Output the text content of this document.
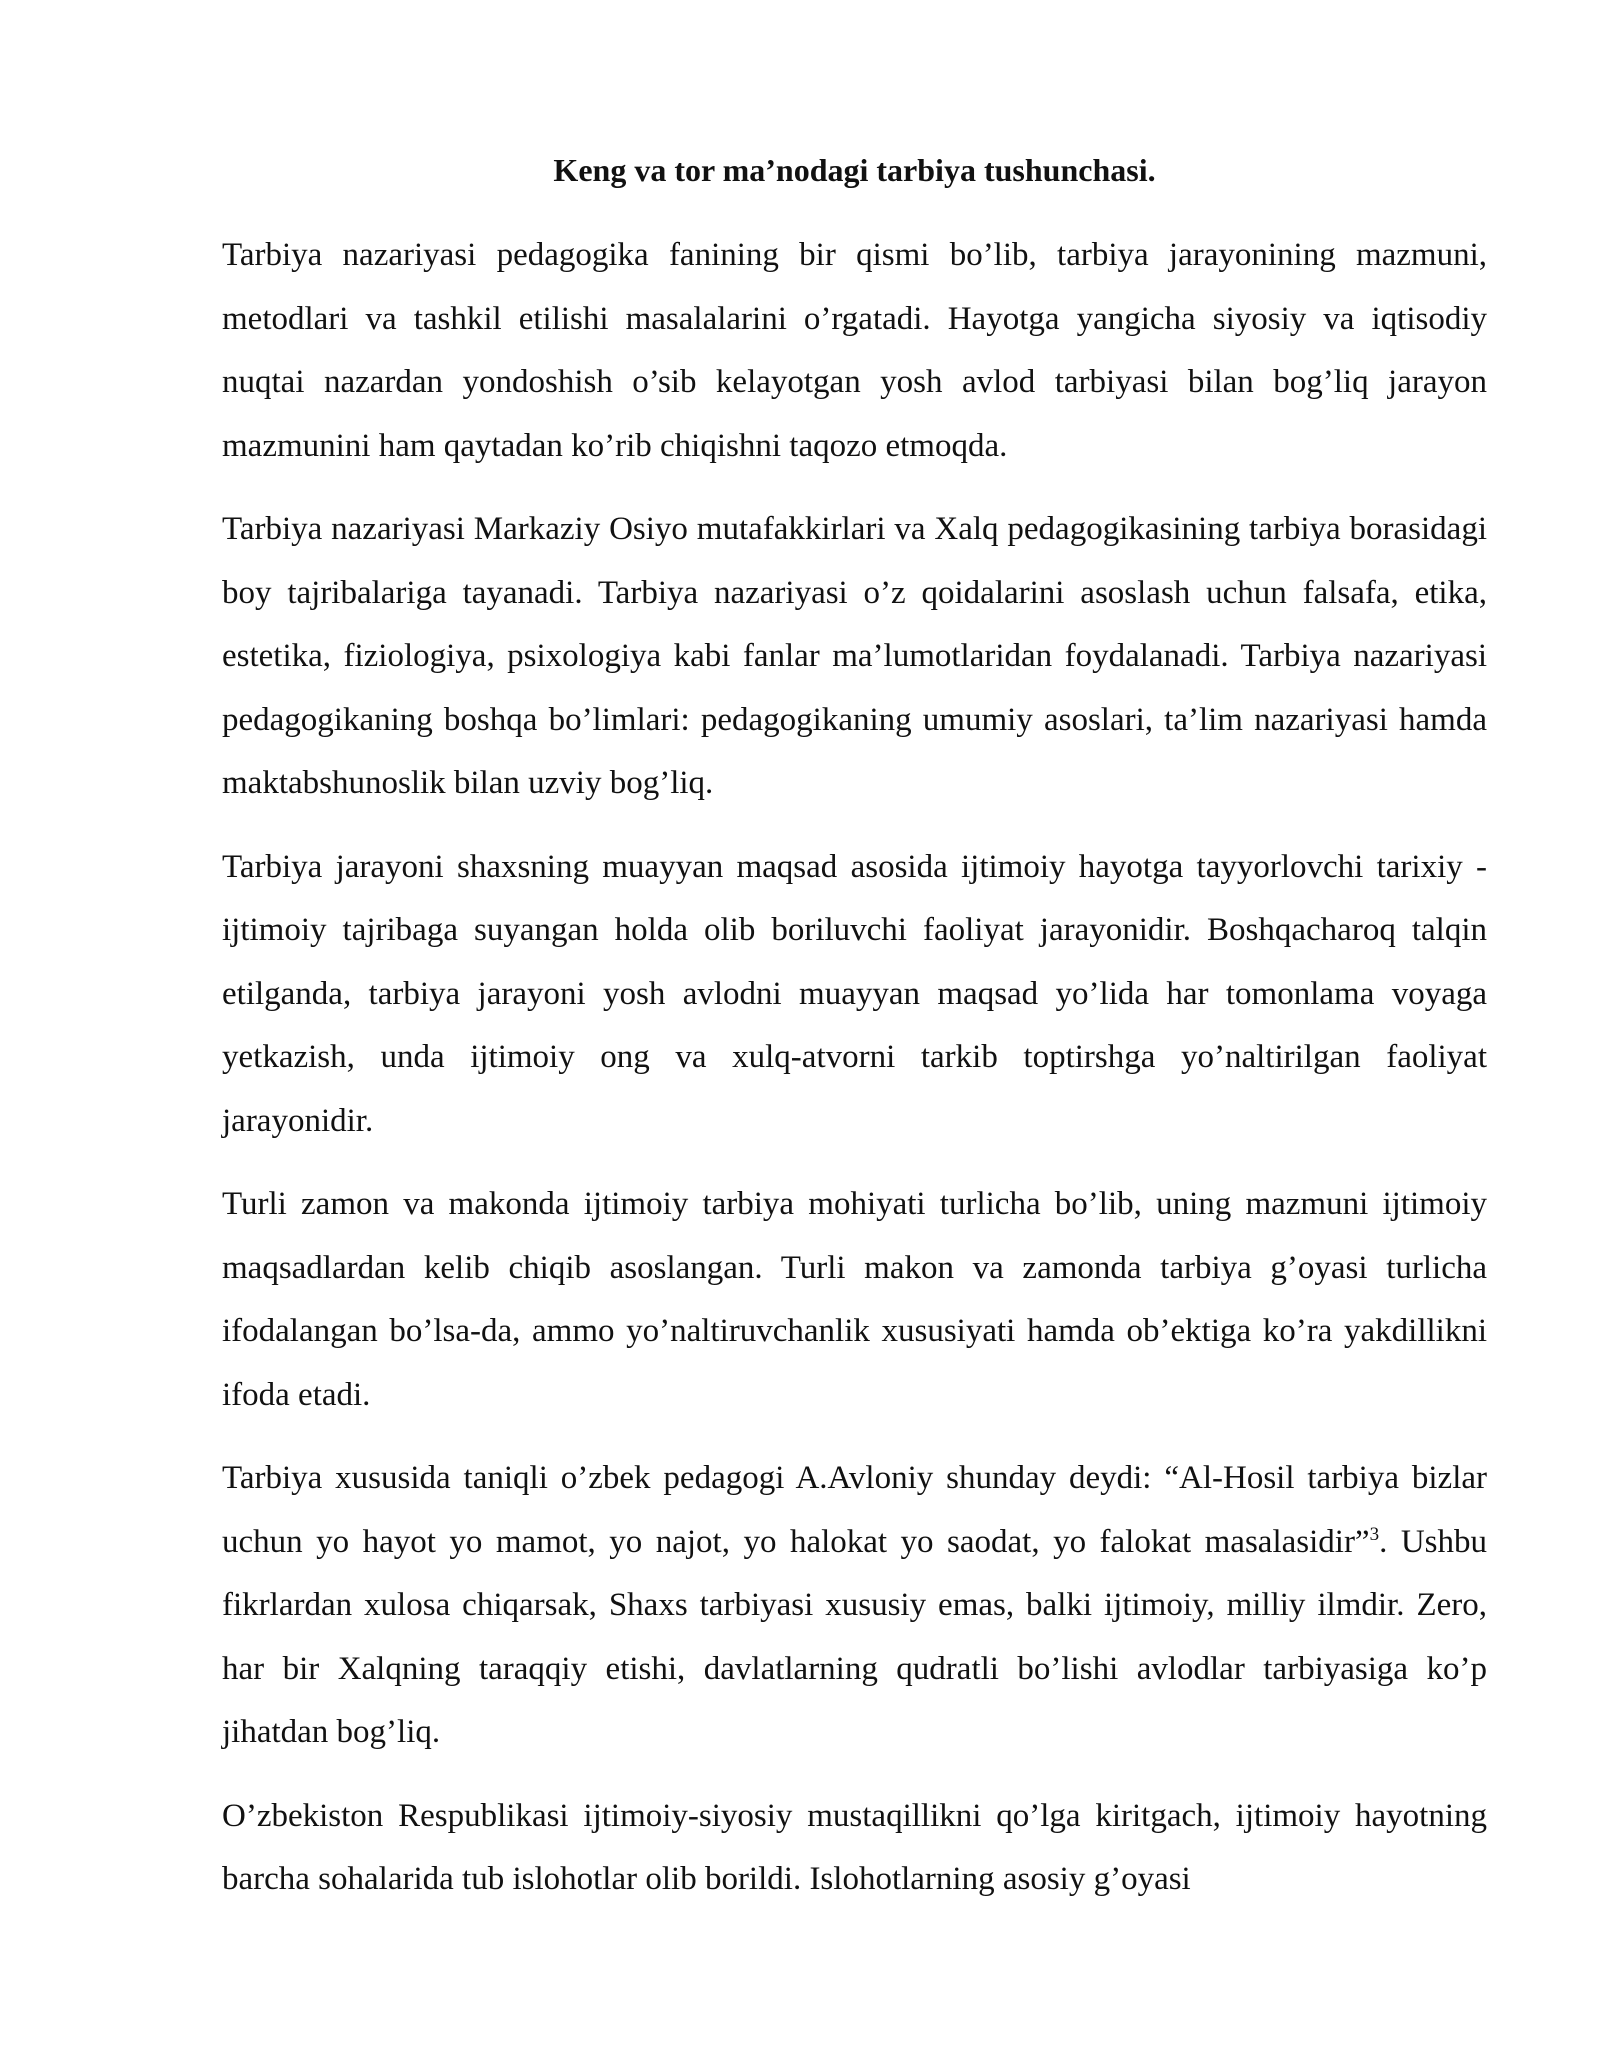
Keng va tor ma’nodagi tarbiya tushunchasi.

Tarbiya nazariyasi pedagogika fanining bir qismi bo’lib, tarbiya jarayonining mazmuni, metodlari va tashkil etilishi masalalarini o’rgatadi. Hayotga yangicha siyosiy va iqtisodiy nuqtai nazardan yondoshish o’sib kelayotgan yosh avlod tarbiyasi bilan bog’liq jarayon mazmunini ham qaytadan ko’rib chiqishni taqozo etmoqda.

Tarbiya nazariyasi Markaziy Osiyo mutafakkirlari va Xalq pedagogikasining tarbiya borasidagi boy tajribalariga tayanadi. Tarbiya nazariyasi o’z qoidalarini asoslash uchun falsafa, etika, estetika, fiziologiya, psixologiya kabi fanlar ma’lumotlaridan foydalanadi. Tarbiya nazariyasi pedagogikaning boshqa bo’limlari: pedagogikaning umumiy asoslari, ta’lim nazariyasi hamda maktabshunoslik bilan uzviy bog’liq.

Tarbiya jarayoni shaxsning muayyan maqsad asosida ijtimoiy hayotga tayyorlovchi tarixiy - ijtimoiy tajribaga suyangan holda olib boriluvchi faoliyat jarayonidir. Boshqacharoq talqin etilganda, tarbiya jarayoni yosh avlodni muayyan maqsad yo’lida har tomonlama voyaga yetkazish, unda ijtimoiy ong va xulq-atvorni tarkib toptirshga yo’naltirilgan faoliyat jarayonidir.

Turli zamon va makonda ijtimoiy tarbiya mohiyati turlicha bo’lib, uning mazmuni ijtimoiy maqsadlardan kelib chiqib asoslangan. Turli makon va zamonda tarbiya g’oyasi turlicha ifodalangan bo’lsa-da, ammo yo’naltiruvchanlik xususiyati hamda ob’ektiga ko’ra yakdillikni ifoda etadi.

Tarbiya xususida taniqli o’zbek pedagogi A.Avloniy shunday deydi: “Al-Hosil tarbiya bizlar uchun yo hayot yo mamot, yo najot, yo halokat yo saodat, yo falokat masalasidir”$^3$. Ushbu fikrlardan xulosa chiqarsak, Shaxs tarbiyasi xususiy emas, balki ijtimoiy, milliy ilmdir. Zero, har bir Xalqning taraqqiy etishi, davlatlarning qudratli bo’lishi avlodlar tarbiyasiga ko’p jihatdan bog’liq.

O’zbekiston Respublikasi ijtimoiy-siyosiy mustaqillikni qo’lga kiritgach, ijtimoiy hayotning barcha sohalarida tub islohotlar olib borildi. Islohotlarning asosiy g’oyasi
